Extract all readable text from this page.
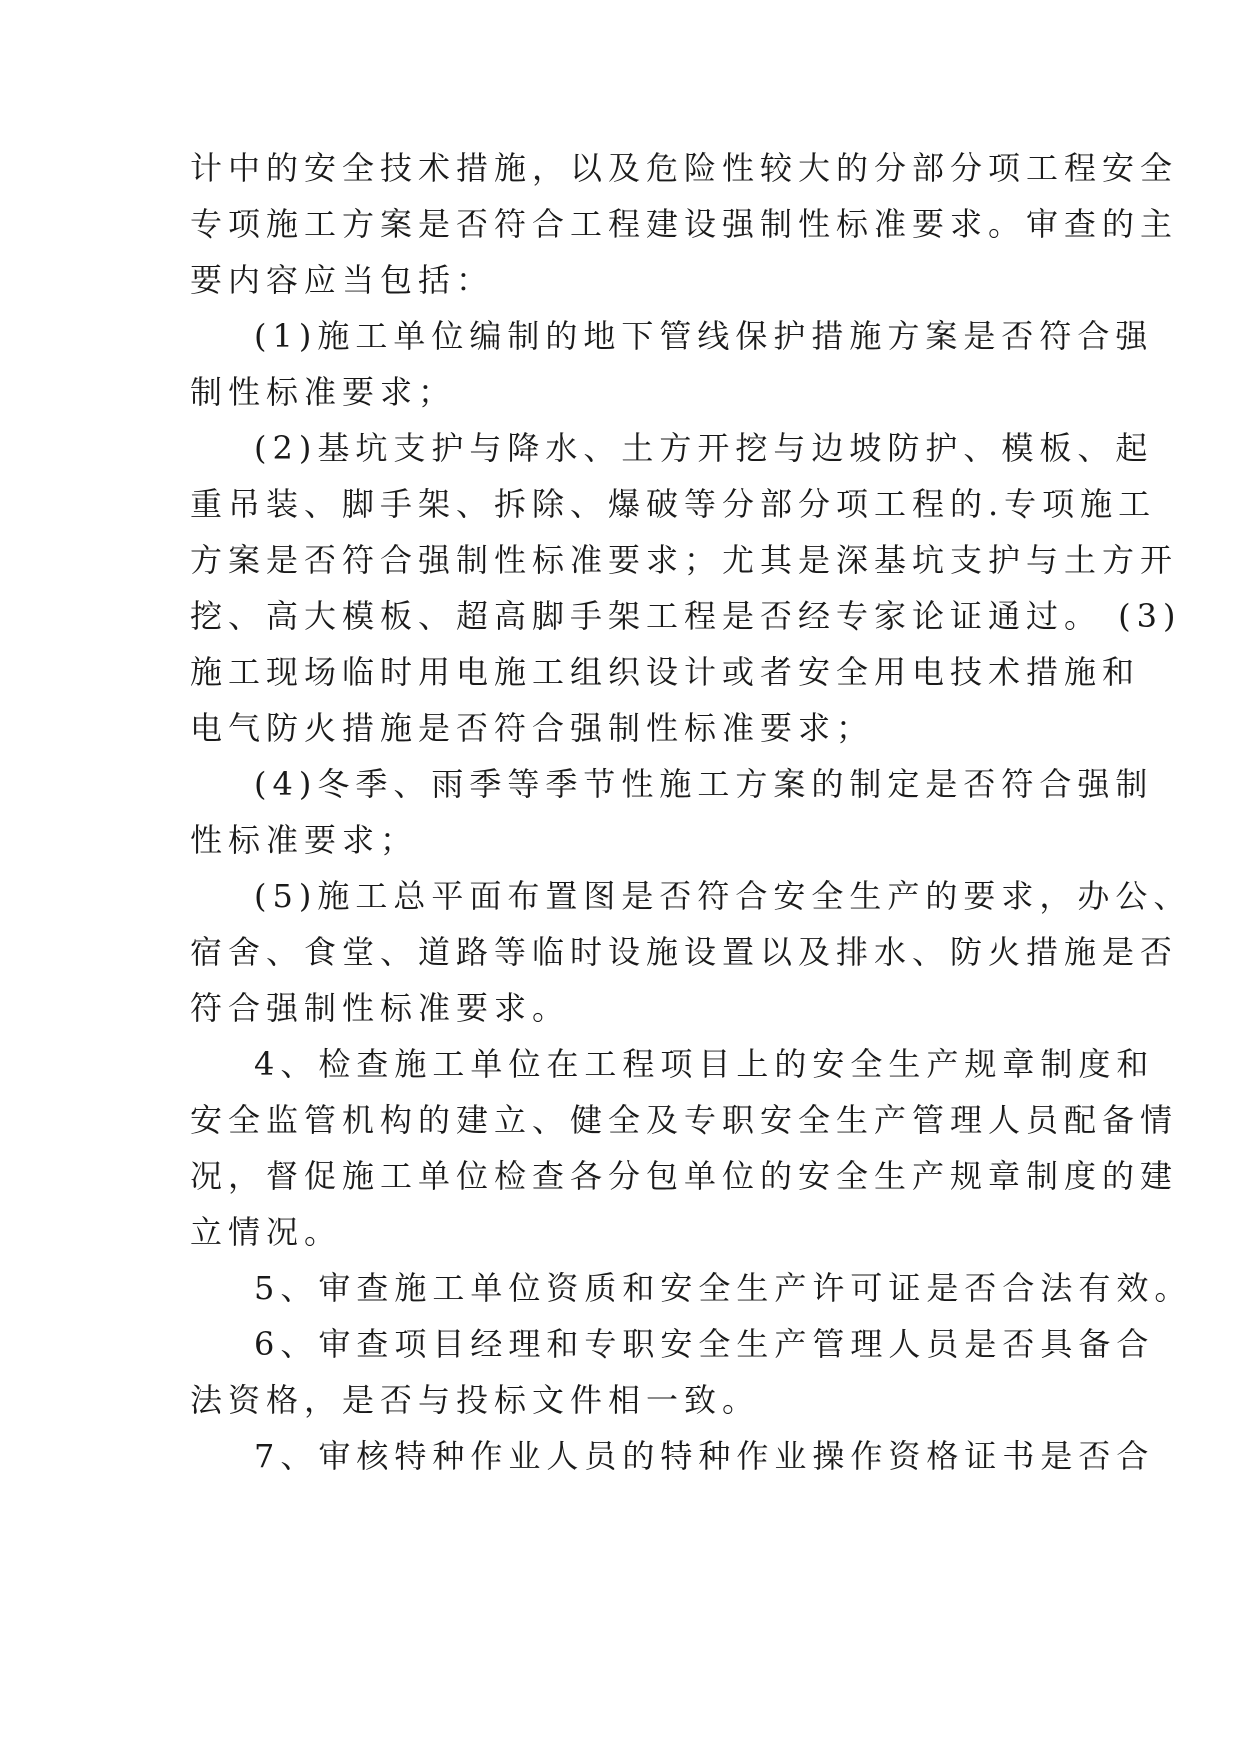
计中的安全技术措施，以及危险性较大的分部分项工程安全
专项施工方案是否符合工程建设强制性标准要求。审查的主
要内容应当包括：
(1)施工单位编制的地下管线保护措施方案是否符合强
制性标准要求；
(2)基坑支护与降水、土方开挖与边坡防护、模板、起
重吊装、脚手架、拆除、爆破等分部分项工程的.专项施工
方案是否符合强制性标准要求；尤其是深基坑支护与土方开
挖、高大模板、超高脚手架工程是否经专家论证通过。 (3)
施工现场临时用电施工组织设计或者安全用电技术措施和
电气防火措施是否符合强制性标准要求；
(4)冬季、雨季等季节性施工方案的制定是否符合强制
性标准要求；
(5)施工总平面布置图是否符合安全生产的要求，办公、
宿舍、食堂、道路等临时设施设置以及排水、防火措施是否
符合强制性标准要求。
4、检查施工单位在工程项目上的安全生产规章制度和
安全监管机构的建立、健全及专职安全生产管理人员配备情
况，督促施工单位检查各分包单位的安全生产规章制度的建
立情况。
5、审查施工单位资质和安全生产许可证是否合法有效。
6、审查项目经理和专职安全生产管理人员是否具备合
法资格，是否与投标文件相一致。
7、审核特种作业人员的特种作业操作资格证书是否合
